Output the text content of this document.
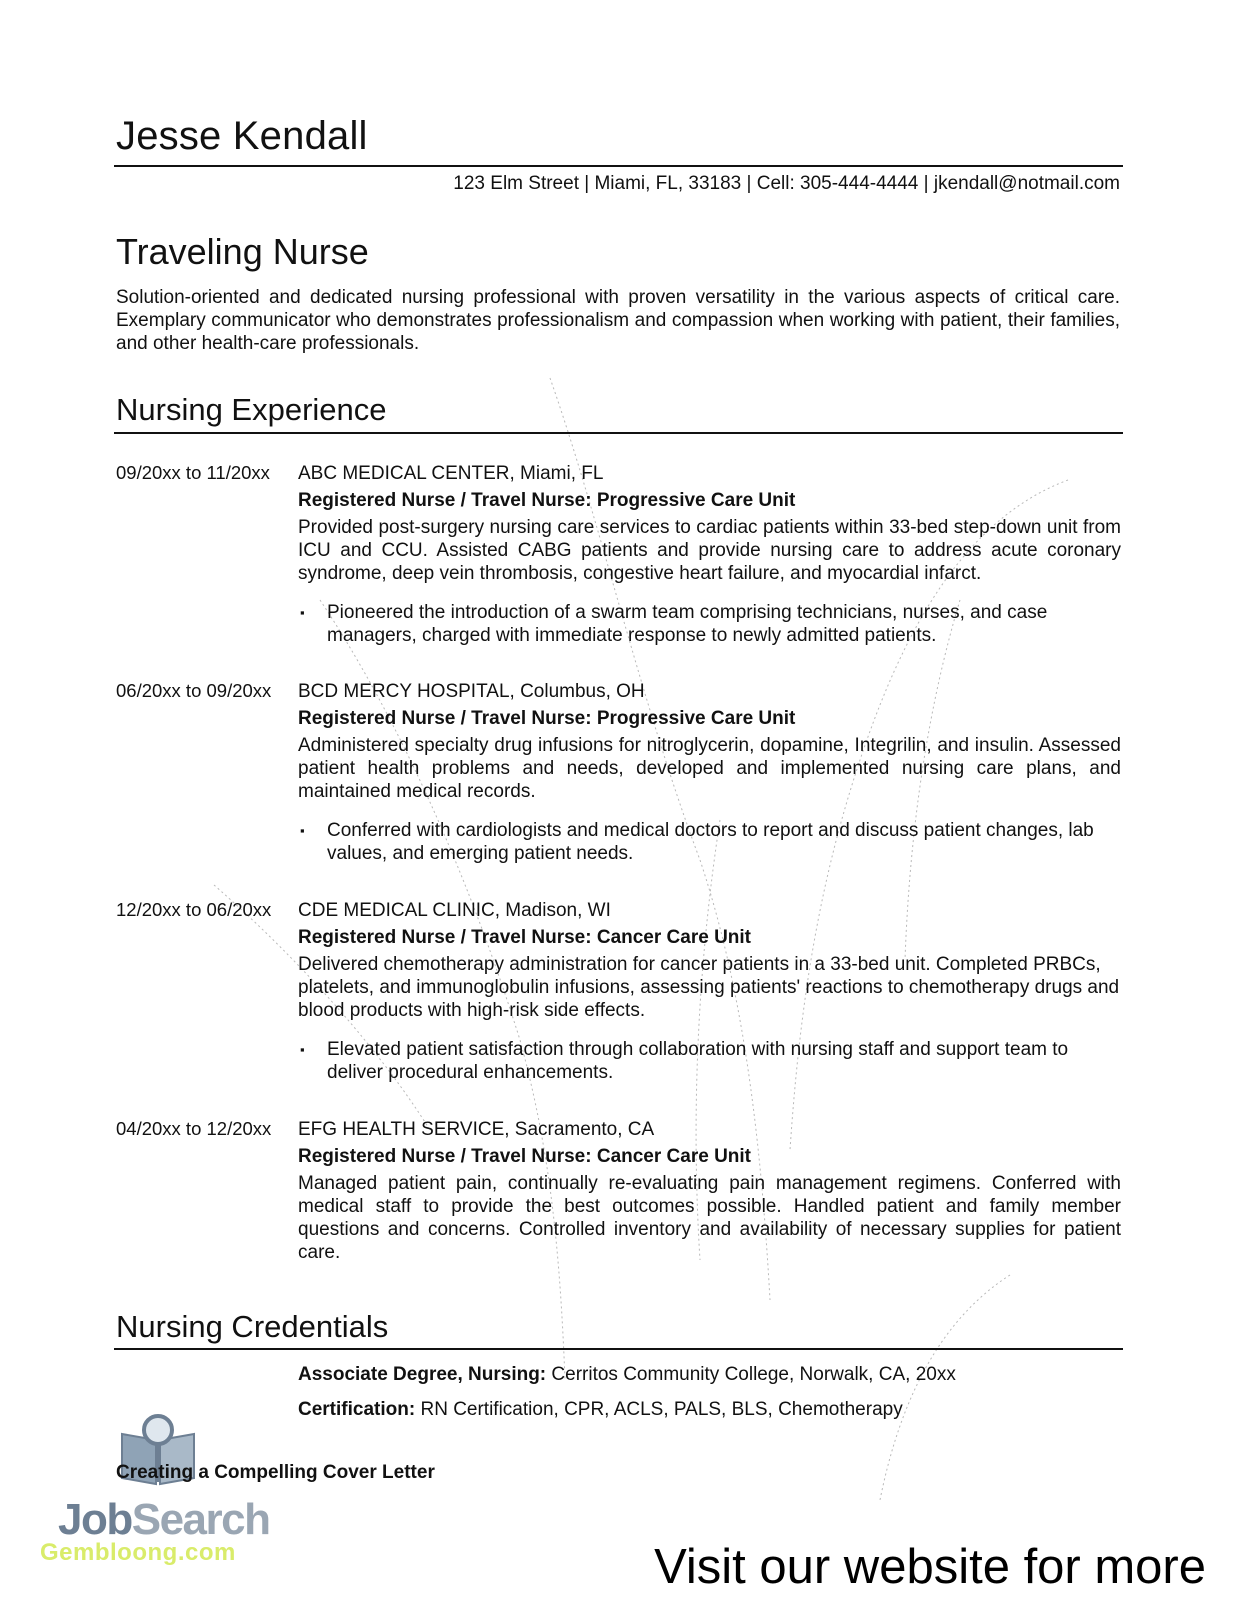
Jesse Kendall

123 Elm Street | Miami, FL, 33183 | Cell: 305-444-4444 | jkendall@notmail.com

Traveling Nurse

Solution-oriented and dedicated nursing professional with proven versatility in the various aspects of critical care. Exemplary communicator who demonstrates professionalism and compassion when working with patient, their families, and other health-care professionals.

Nursing Experience
09/20xx to 11/20xx ABC MEDICAL CENTER, Miami, FL
Registered Nurse / Travel Nurse: Progressive Care Unit

Provided post-surgery nursing care services to cardiac patients within 33-bed step-down unit from ICU and CCU. Assisted CABG patients and provide nursing care to address acute coronary syndrome, deep vein thrombosis, congestive heart failure, and myocardial infarct.

▪ Pioneered the introduction of a swarm team comprising technicians, nurses, and case managers, charged with immediate response to newly admitted patients.
06/20xx to 09/20xx BCD MERCY HOSPITAL, Columbus, OH
Registered Nurse / Travel Nurse: Progressive Care Unit

Administered specialty drug infusions for nitroglycerin, dopamine, Integrilin, and insulin. Assessed patient health problems and needs, developed and implemented nursing care plans, and maintained medical records.

▪ Conferred with cardiologists and medical doctors to report and discuss patient changes, lab values, and emerging patient needs.
12/20xx to 06/20xx CDE MEDICAL CLINIC, Madison, WI
Registered Nurse / Travel Nurse: Cancer Care Unit

Delivered chemotherapy administration for cancer patients in a 33-bed unit. Completed PRBCs, platelets, and immunoglobulin infusions, assessing patients' reactions to chemotherapy drugs and blood products with high-risk side effects.

▪ Elevated patient satisfaction through collaboration with nursing staff and support team to deliver procedural enhancements.
04/20xx to 12/20xx EFG HEALTH SERVICE, Sacramento, CA
Registered Nurse / Travel Nurse: Cancer Care Unit

Managed patient pain, continually re-evaluating pain management regimens. Conferred with medical staff to provide the best outcomes possible. Handled patient and family member questions and concerns. Controlled inventory and availability of necessary supplies for patient care.

Nursing Credentials
Associate Degree, Nursing: Cerritos Community College, Norwalk, CA, 20xx
Certification: RN Certification, CPR, ACLS, PALS, BLS, Chemotherapy
Creating a Compelling Cover Letter
JobSearch
Gembloong.com	Visit our website for more
